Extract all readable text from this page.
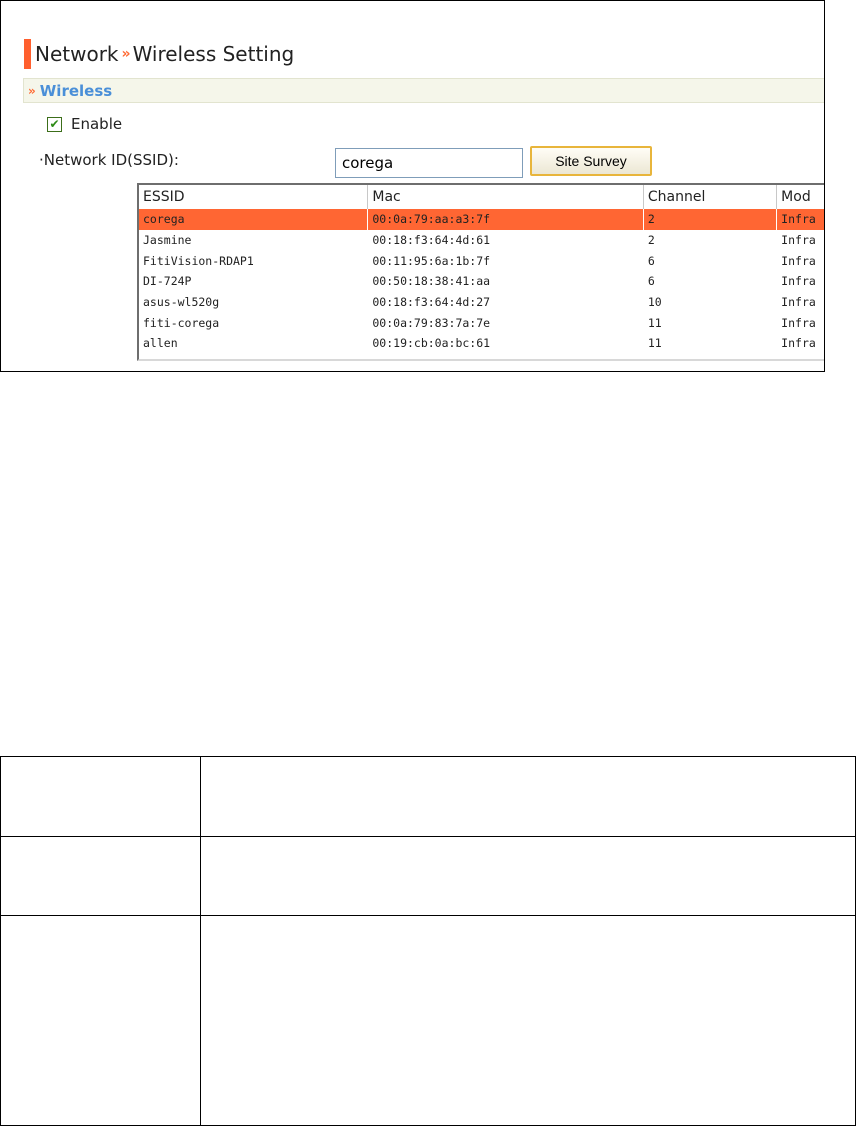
Network » Wireless Setting
» Wireless
✔ Enable
·Network ID(SSID):
corega	Site Survey
ESSID	Mac	Channel	Mod
corega	00:0a:79:aa:a3:7f	2	Infra
Jasmine	00:18:f3:64:4d:61	2	Infra
FitiVision-RDAP1	00:11:95:6a:1b:7f	6	Infra
DI-724P	00:50:18:38:41:aa	6	Infra
asus-wl520g	00:18:f3:64:4d:27	10	Infra
fiti-corega	00:0a:79:83:7a:7e	11	Infra
allen	00:19:cb:0a:bc:61	11	Infra
